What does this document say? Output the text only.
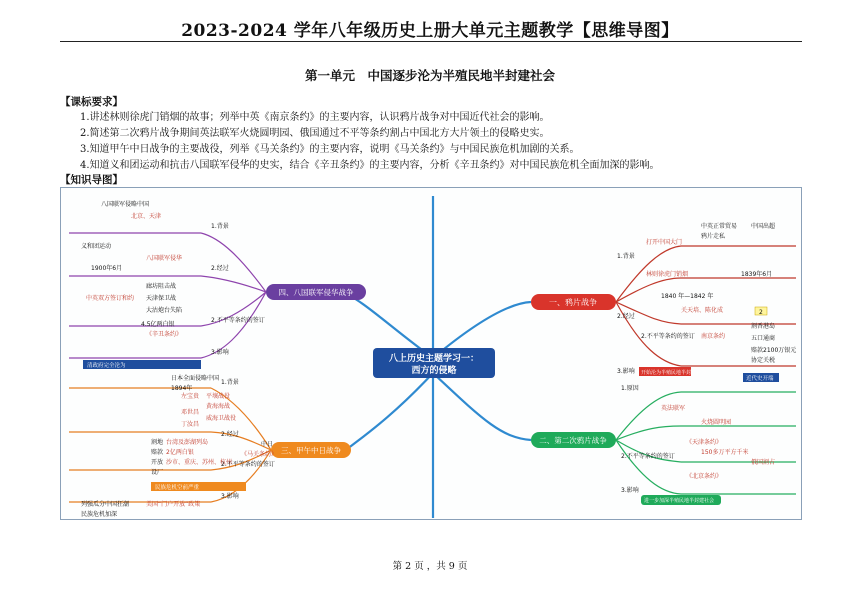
2023-2024 学年八年级历史上册大单元主题教学【思维导图】
第一单元　中国逐步沦为半殖民地半封建社会
【课标要求】
1.讲述林则徐虎门销烟的故事；列举中英《南京条约》的主要内容，认识鸦片战争对中国近代社会的影响。
2.简述第二次鸦片战争期间英法联军火烧圆明园、俄国通过不平等条约割占中国北方大片领土的侵略史实。
3.知道甲午中日战争的主要战役，列举《马关条约》的主要内容，说明《马关条约》与中国民族危机加剧的关系。
4.知道义和团运动和抗击八国联军侵华的史实，结合《辛丑条约》的主要内容，分析《辛丑条约》对中国民族危机全面加深的影响。
【知识导图】
八上历史主题学习一：
西方的侵略
一、鸦片战争
二、第二次鸦片战争
四、八国联军侵华战争
三、甲午中日战争
1.背景
打开中国大门
中英正常贸易 中国出超
鸦片走私
林则徐虎门销烟	1839年6月
2.经过
1840 年—1842 年
关天培、陈化成	2
2.不平等条约的签订 南京条约
割香港岛
五口通商
赔款2100万银元
协定关税
3.影响 开始沦为半殖民地半封建社会
近代史开端
1.原因
英法联军
火烧圆明园
2.不平等条约的签订
《天津条约》
150多万平方千米
俄国割占
《北京条约》
3.影响
进一步加深半殖民地半封建社会
1.背景
北京、天津
八国联军侵略中国
义和团运动
2.经过
八国联军侵华
1900年6月
廊坊阻击战
天津保卫战
大沽炮台失陷
中英双方签订和约
2.不平等条约的签订
《辛丑条约》
4.5亿两白银
3.影响
清政府完全沦为
1.背景
日本全面侵略中国
1894年
左宝贵 平壤战役
黄海海战
邓世昌
威海卫战役
丁汝昌
2.经过
2.不平等条约的签订
割地 台湾及澎湖列岛
赔款 2亿两白银
开放 沙市、重庆、苏州、杭州
设厂
《马关条约》
中日
3.影响
民族危机空前严重
列强瓜分中国狂潮	美国“门户开放”政策
民族危机加深
第 2 页 ，共 9 页
